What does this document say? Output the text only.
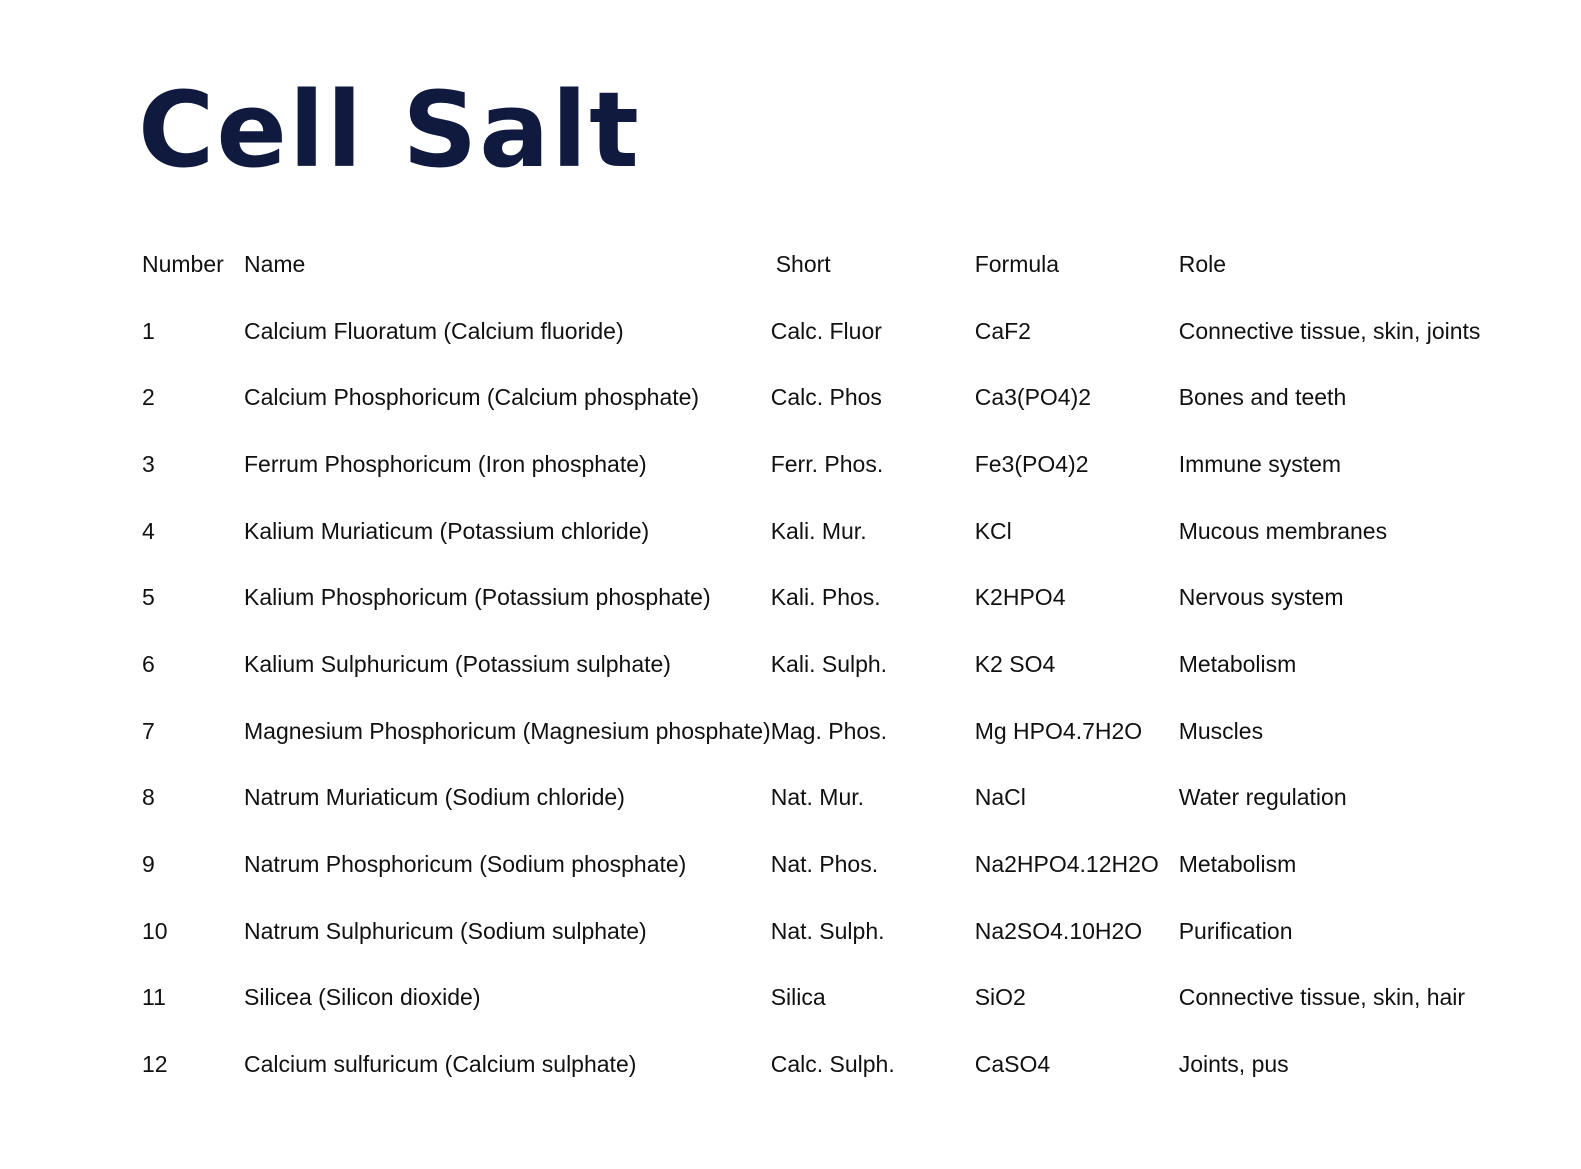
Cell Salt
Number	Name	Short	Formula	Role
1	Calcium Fluoratum (Calcium fluoride)	Calc. Fluor	CaF2	Connective tissue, skin, joints
2	Calcium Phosphoricum (Calcium phosphate)	Calc. Phos	Ca3(PO4)2	Bones and teeth
3	Ferrum Phosphoricum (Iron phosphate)	Ferr. Phos.	Fe3(PO4)2	Immune system
4	Kalium Muriaticum (Potassium chloride)	Kali. Mur.	KCl	Mucous membranes
5	Kalium Phosphoricum (Potassium phosphate)	Kali. Phos.	K2HPO4	Nervous system
6	Kalium Sulphuricum (Potassium sulphate)	Kali. Sulph.	K2 SO4	Metabolism
7	Magnesium Phosphoricum (Magnesium phosphate)	Mag. Phos.	Mg HPO4.7H2O	Muscles
8	Natrum Muriaticum (Sodium chloride)	Nat. Mur.	NaCl	Water regulation
9	Natrum Phosphoricum (Sodium phosphate)	Nat. Phos.	Na2HPO4.12H2O	Metabolism
10	Natrum Sulphuricum (Sodium sulphate)	Nat. Sulph.	Na2SO4.10H2O	Purification
11	Silicea (Silicon dioxide)	Silica	SiO2	Connective tissue, skin, hair
12	Calcium sulfuricum (Calcium sulphate)	Calc. Sulph.	CaSO4	Joints, pus
